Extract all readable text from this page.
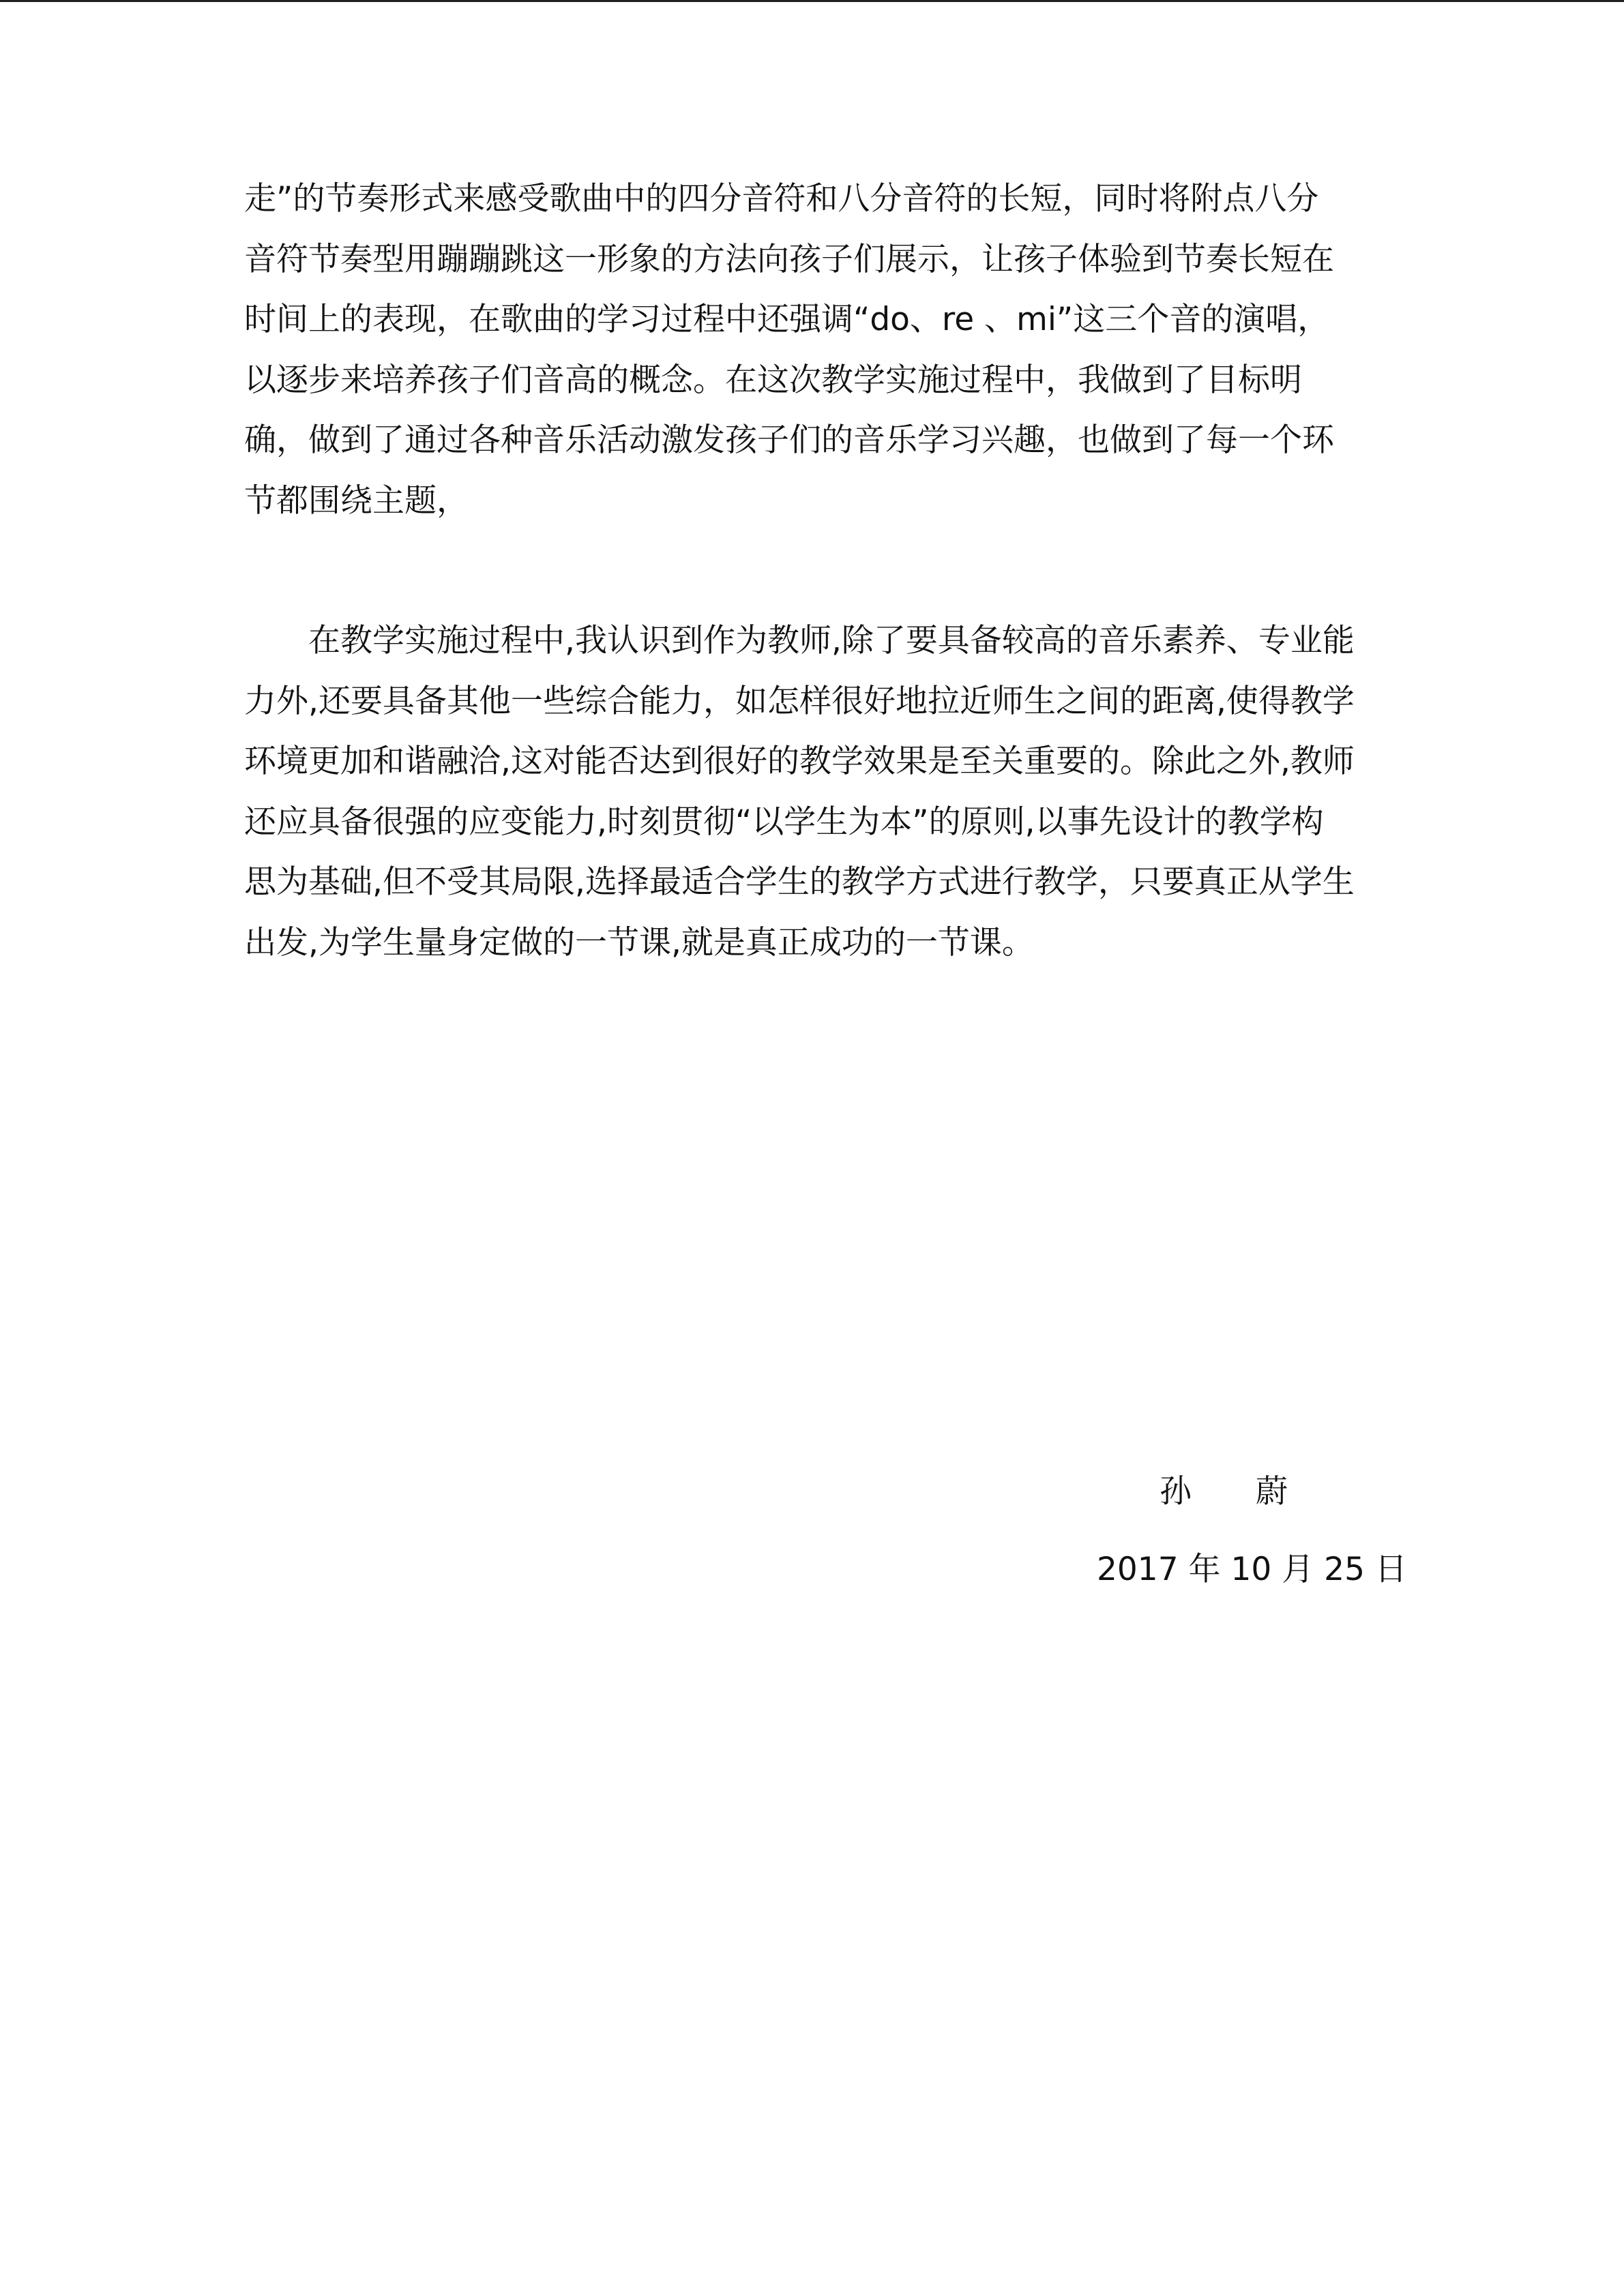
走”的节奏形式来感受歌曲中的四分音符和八分音符的长短，同时将附点八分
音符节奏型用蹦蹦跳这一形象的方法向孩子们展示，让孩子体验到节奏长短在
时间上的表现，在歌曲的学习过程中还强调“do、re 、mi”这三个音的演唱，
以逐步来培养孩子们音高的概念。在这次教学实施过程中，我做到了目标明
确，做到了通过各种音乐活动激发孩子们的音乐学习兴趣，也做到了每一个环
节都围绕主题，
在教学实施过程中,我认识到作为教师,除了要具备较高的音乐素养、专业能
力外,还要具备其他一些综合能力，如怎样很好地拉近师生之间的距离,使得教学
环境更加和谐融洽,这对能否达到很好的教学效果是至关重要的。除此之外,教师
还应具备很强的应变能力,时刻贯彻“以学生为本”的原则,以事先设计的教学构
思为基础,但不受其局限,选择最适合学生的教学方式进行教学，只要真正从学生
出发,为学生量身定做的一节课,就是真正成功的一节课。
孙　　蔚
2017 年 10 月 25 日
